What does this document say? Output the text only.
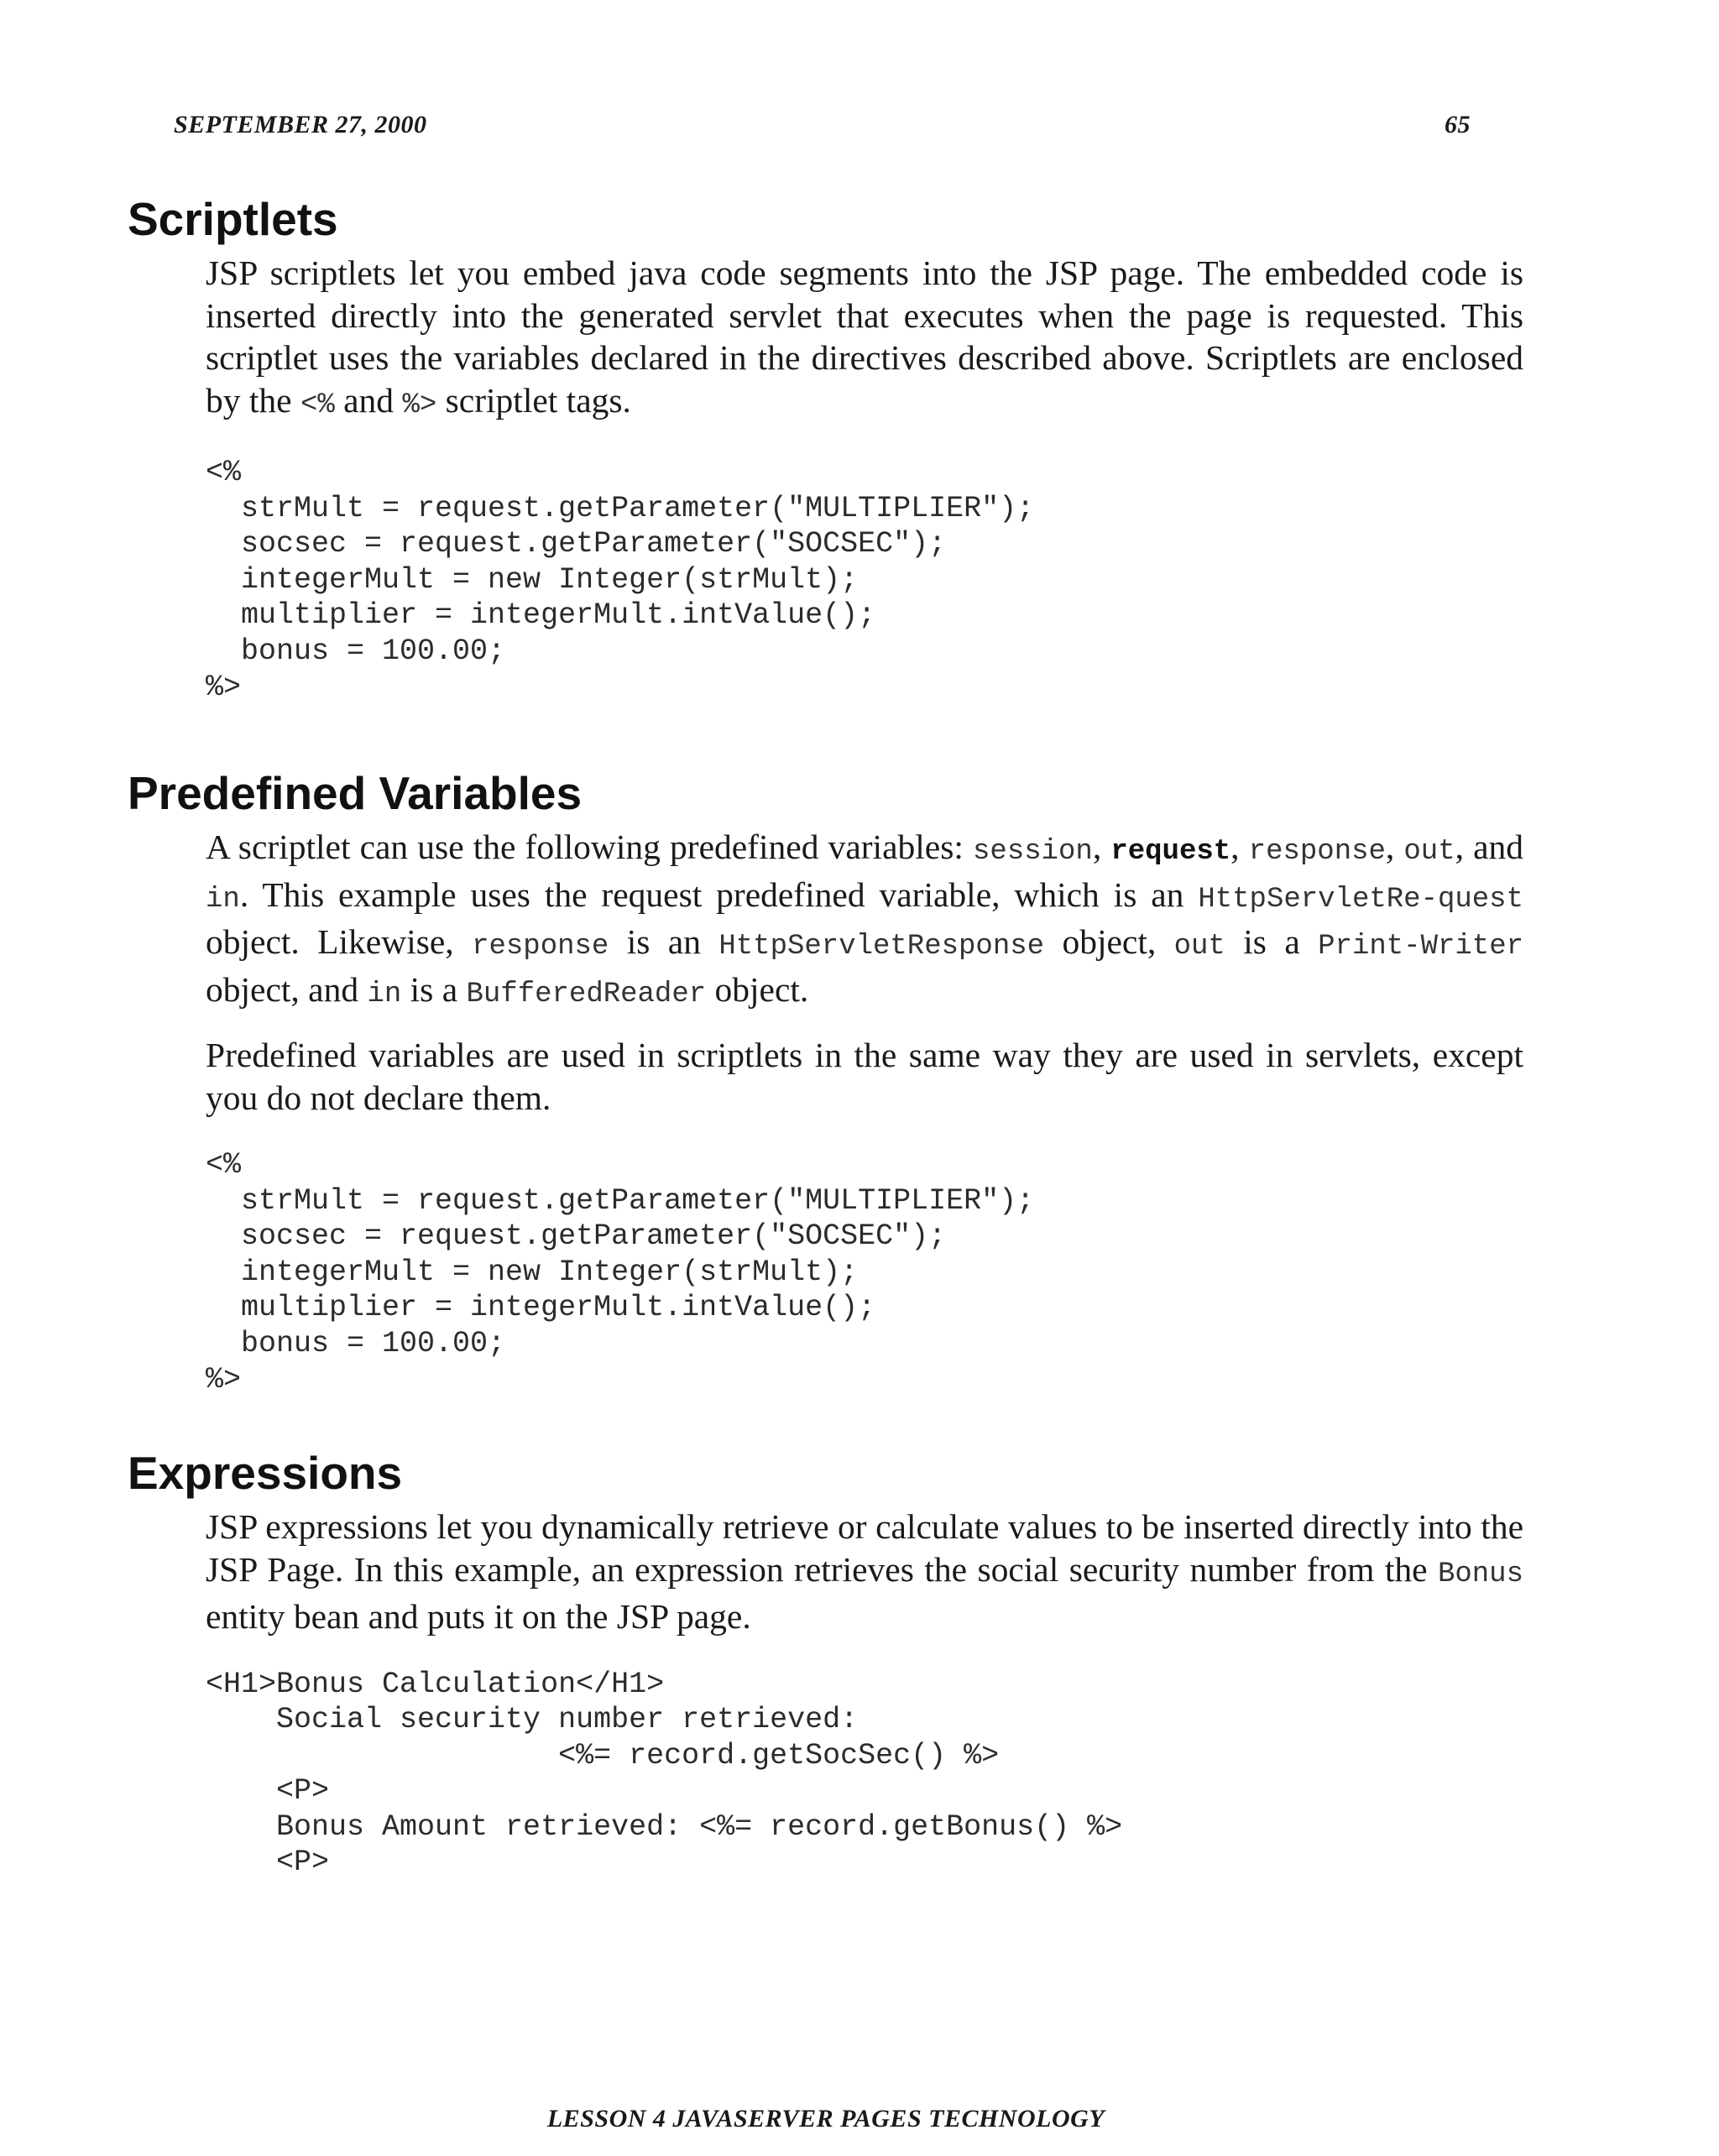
SEPTEMBER 27, 2000	65
Scriptlets

JSP scriptlets let you embed java code segments into the JSP page. The embedded code is inserted directly into the generated servlet that executes when the page is requested. This scriptlet uses the variables declared in the directives described above. Scriptlets are enclosed by the <% and %> scriptlet tags.

<%
strMult = request.getParameter("MULTIPLIER");
socsec = request.getParameter("SOCSEC");
integerMult = new Integer(strMult);
multiplier = integerMult.intValue();
bonus = 100.00;
%>
Predefined Variables

A scriptlet can use the following predefined variables: session, request, response, out, and in. This example uses the request predefined variable, which is an HttpServletRe-quest object. Likewise, response is an HttpServletResponse object, out is a Print-Writer object, and in is a BufferedReader object.

Predefined variables are used in scriptlets in the same way they are used in servlets, except you do not declare them.

<%
strMult = request.getParameter("MULTIPLIER");
socsec = request.getParameter("SOCSEC");
integerMult = new Integer(strMult);
multiplier = integerMult.intValue();
bonus = 100.00;
%>
Expressions

JSP expressions let you dynamically retrieve or calculate values to be inserted directly into the JSP Page. In this example, an expression retrieves the social security number from the Bonus entity bean and puts it on the JSP page.

<H1>Bonus Calculation</H1>
Social security number retrieved:
<%= record.getSocSec() %>
<P>
Bonus Amount retrieved: <%= record.getBonus() %>
<P>
LESSON 4 JAVASERVER PAGES TECHNOLOGY
